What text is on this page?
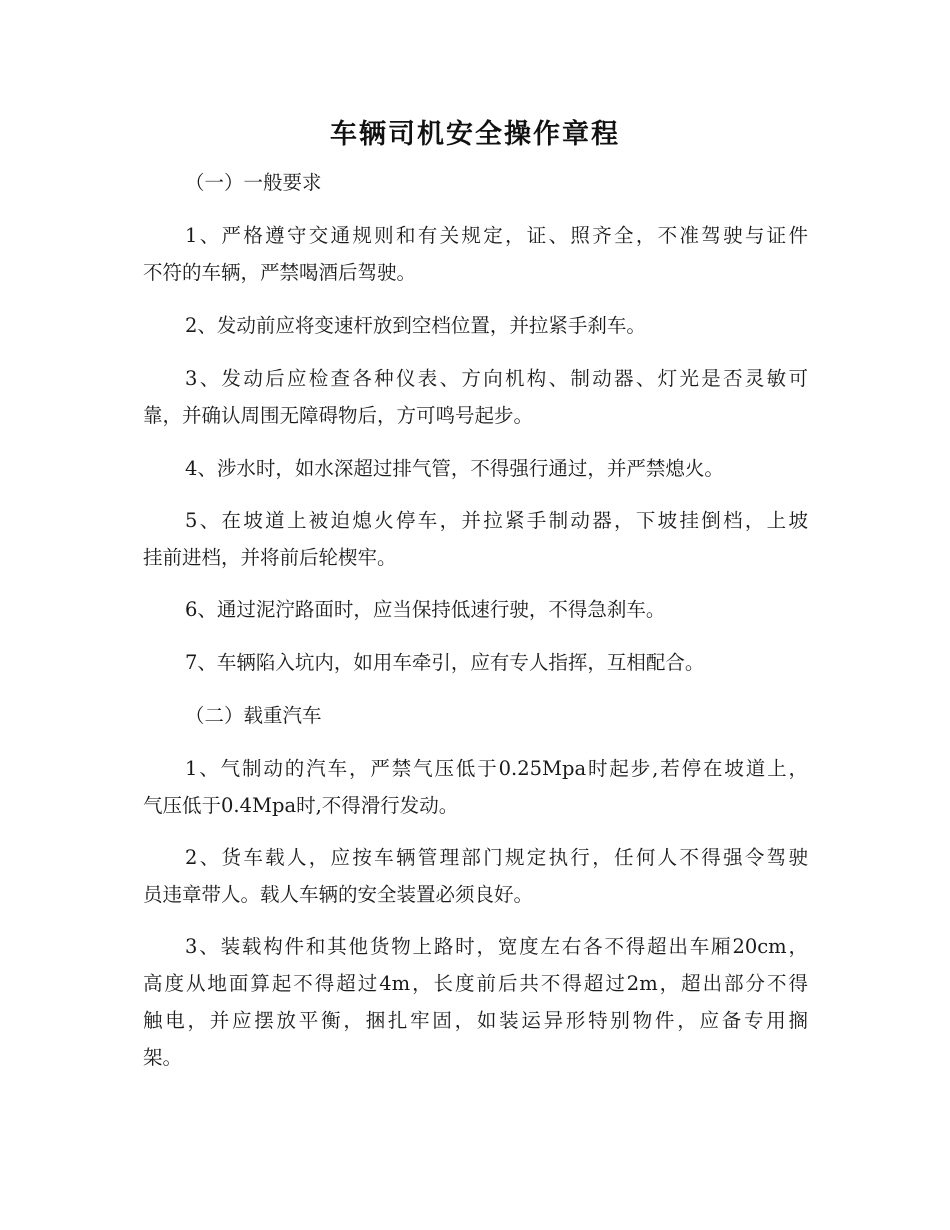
车辆司机安全操作章程
（一）一般要求
1、严格遵守交通规则和有关规定，证、照齐全，不准驾驶与证件
不符的车辆，严禁喝酒后驾驶。
2、发动前应将变速杆放到空档位置，并拉紧手刹车。
3、发动后应检查各种仪表、方向机构、制动器、灯光是否灵敏可
靠，并确认周围无障碍物后，方可鸣号起步。
4、涉水时，如水深超过排气管，不得强行通过，并严禁熄火。
5、在坡道上被迫熄火停车，并拉紧手制动器，下坡挂倒档，上坡
挂前进档，并将前后轮楔牢。
6、通过泥泞路面时，应当保持低速行驶，不得急刹车。
7、车辆陷入坑内，如用车牵引，应有专人指挥，互相配合。
（二）载重汽车
1、气制动的汽车，严禁气压低于0.25Mpa时起步,若停在坡道上，
气压低于0.4Mpa时,不得滑行发动。
2、货车载人，应按车辆管理部门规定执行，任何人不得强令驾驶
员违章带人。载人车辆的安全装置必须良好。
3、装载构件和其他货物上路时，宽度左右各不得超出车厢20cm，
高度从地面算起不得超过4m，长度前后共不得超过2m，超出部分不得
触电，并应摆放平衡，捆扎牢固，如装运异形特别物件，应备专用搁
架。
